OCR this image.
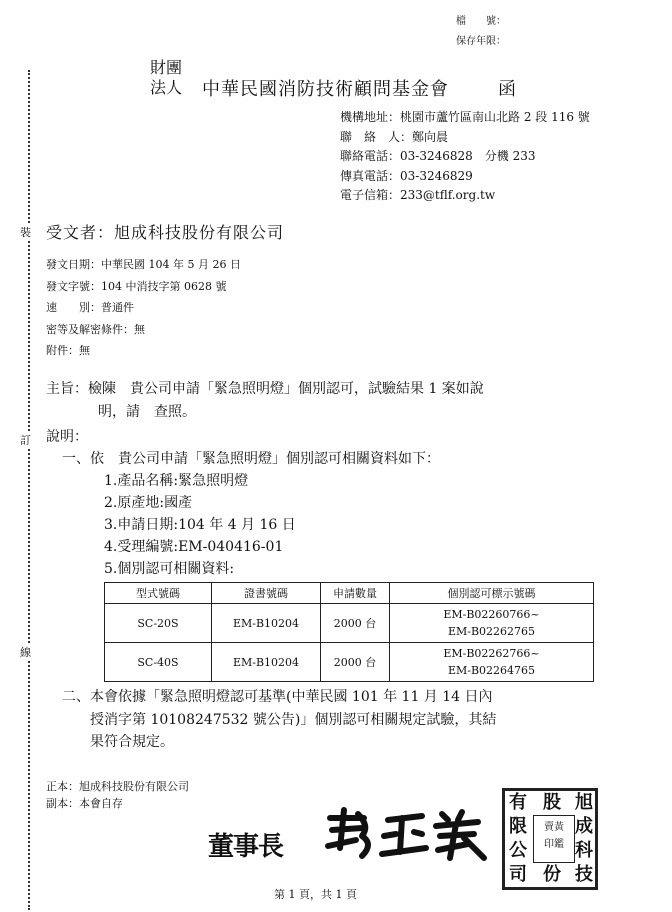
檔　　號：
保存年限：
財團
法人 中華民國消防技術顧問基金會	函
機構地址：桃園市蘆竹區南山北路 2 段 116 號
聯　絡　人：鄭向晨
聯絡電話：03-3246828　分機 233
傳真電話：03-3246829
電子信箱：233@tflf.org.tw
裝
訂
線
受文者：旭成科技股份有限公司
發文日期：中華民國 104 年 5 月 26 日
發文字號：104 中消技字第 0628 號
速　　別：普通件
密等及解密條件：無
附件：無
主旨：檢陳　貴公司申請「緊急照明燈」個別認可，試驗結果 1 案如說
明，請　查照。
說明：
一、依　貴公司申請「緊急照明燈」個別認可相關資料如下：
1.產品名稱:緊急照明燈
2.原產地:國產
3.申請日期:104 年 4 月 16 日
4.受理編號:EM-040416-01
5.個別認可相關資料:
型式號碼	證書號碼	申請數量	個別認可標示號碼
SC-20S	EM-B10204	2000 台	EM-B02260766~
EM-B02262765

SC-40S	EM-B10204	2000 台	EM-B02262766~
EM-B02264765
二、本會依據「緊急照明燈認可基準(中華民國 101 年 11 月 14 日內
授消字第 10108247532 號公告)」個別認可相關規定試驗，其結
果符合規定。
正本：旭成科技股份有限公司
副本：本會自存
董事長	郭正義
有
限
公
司
股
份
旭
成
科
技
賣黃
印鑑
第 1 頁，共 1 頁
